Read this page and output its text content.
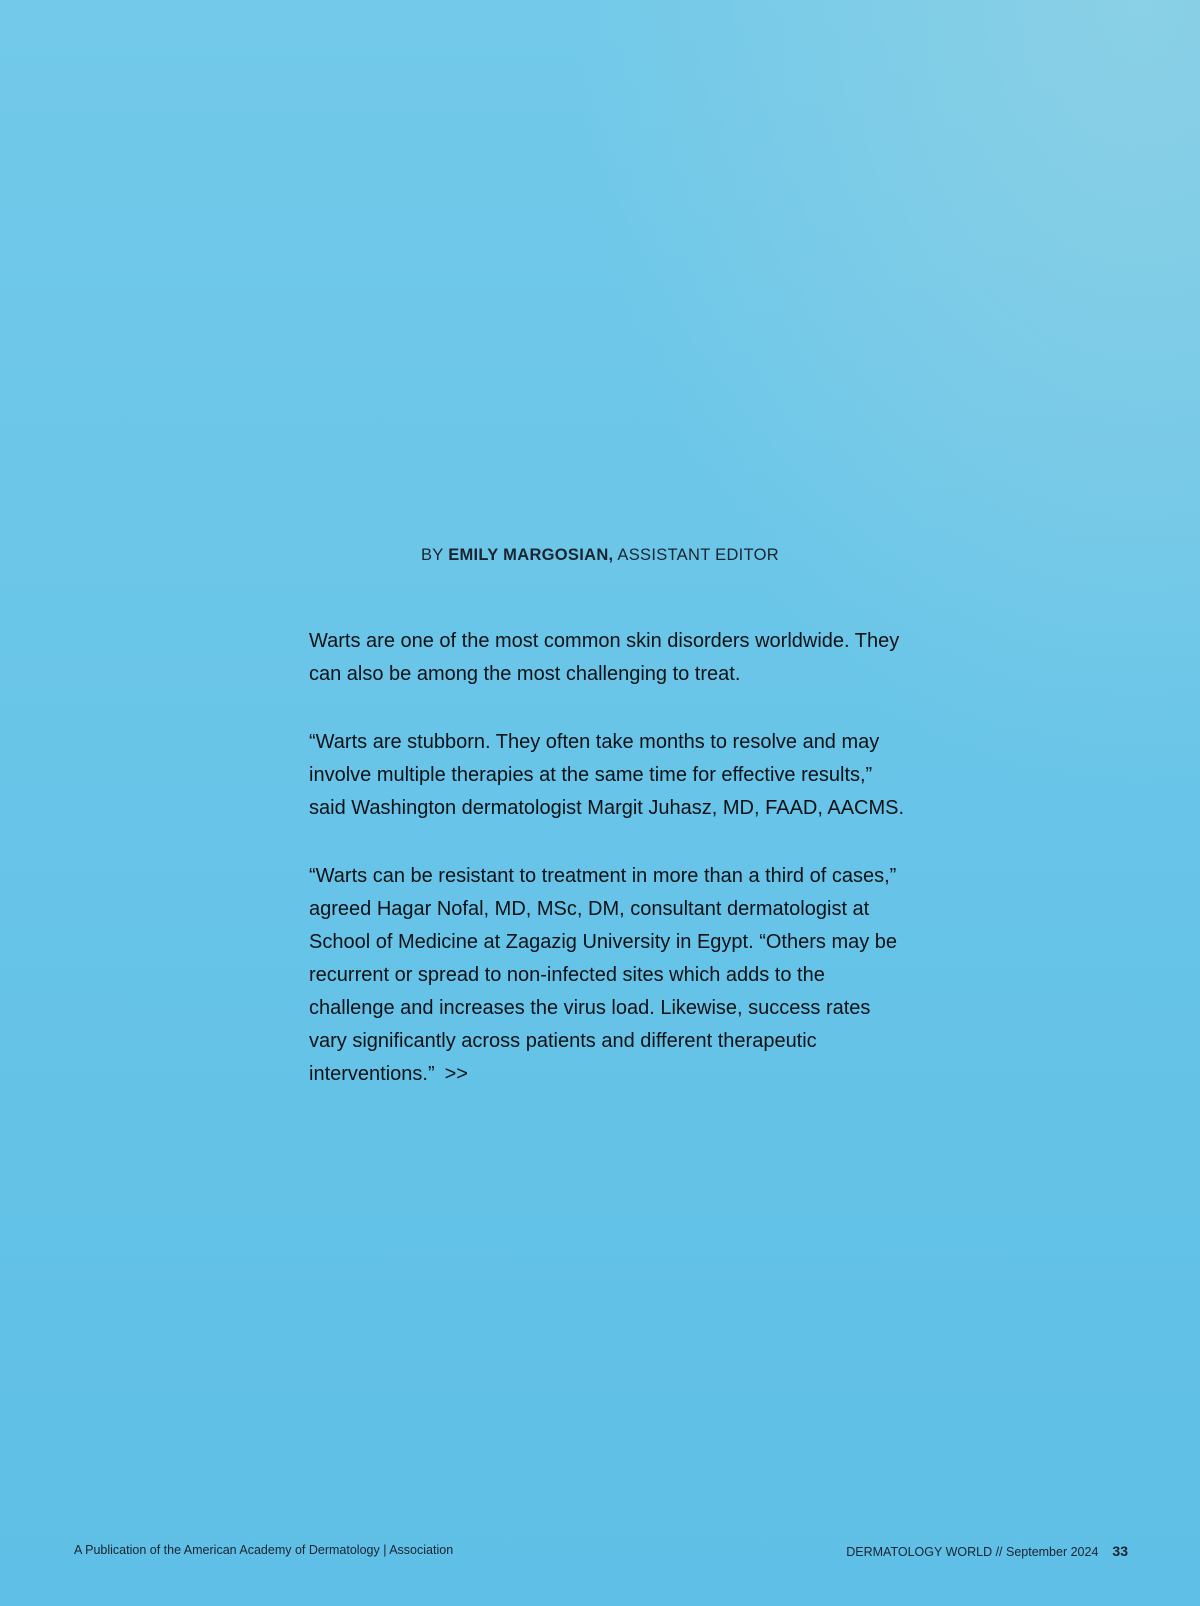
BY EMILY MARGOSIAN, ASSISTANT EDITOR

Warts are one of the most common skin disorders worldwide. They can also be among the most challenging to treat.

“Warts are stubborn. They often take months to resolve and may involve multiple therapies at the same time for effective results,” said Washington dermatologist Margit Juhasz, MD, FAAD, AACMS.

“Warts can be resistant to treatment in more than a third of cases,” agreed Hagar Nofal, MD, MSc, DM, consultant dermatologist at School of Medicine at Zagazig University in Egypt. “Others may be recurrent or spread to non-infected sites which adds to the challenge and increases the virus load. Likewise, success rates vary significantly across patients and different therapeutic interventions.” >>

A Publication of the American Academy of Dermatology | Association	DERMATOLOGY WORLD // September 2024 33
